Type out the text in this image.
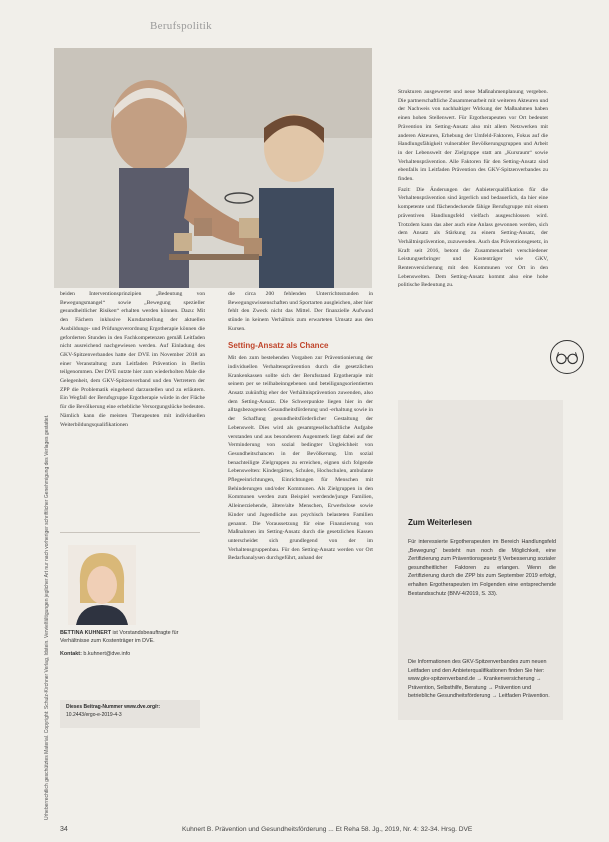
Berufspolitik
Urheberrechtlich geschütztes Material. Copyright: Schulz-Kirchner Verlag, Idstein. Vervielfältigungen jeglicher Art nur nach vorheriger schriftlicher Genehmigung des Verlages gestattet.

beiden Interventionsprinzipien „Bedeutung von Bewegungsmangel“ sowie „Bewegung spezieller gesundheitlicher Risiken“ erhalten werden können. Dazu: Mit den Fächern inklusive Kursdarstellung der aktuellen Ausbildungs- und Prüfungsverordnung Ergotherapie können die geforderten Stunden in den Fachkompetenzen gemäß Leitfaden nicht ausreichend nachgewiesen werden. Auf Einladung des GKV-Spitzenverbandes hatte der DVE im November 2018 an einer Veranstaltung zum Leitfaden Prävention in Berlin teilgenommen. Der DVE nutzte hier zum wiederholten Male die Gelegenheit, dem GKV-Spitzenverband und den Vertretern der ZPP die Problematik eingehend darzustellen und zu erläutern. Ein Wegfall der Berufsgruppe Ergotherapie würde in der Fläche für die Bevölkerung eine erhebliche Versorgungslücke bedeuten. Nämlich kann die meisten Therapeuten mit individuellen Weiterbildungsqualifikationen

die circa 200 fehlenden Unterrichtsstunden in Bewegungswissenschaften und Sportarten ausgleichen, aber hier fehlt den Zweck nicht das Mittel. Der finanzielle Aufwand stünde in keinem Verhältnis zum erwarteten Umsatz aus den Kursen.

Setting-Ansatz als Chance

Mit den zum bestehenden Vorgaben zur Präventionierung der individuellen Verhaltensprävention durch die gesetzlichen Krankenkassen sollte sich der Berufsstand Ergotherapie mit seinem per se teilhabeinngebenen und beteiligungsorientierten Ansatz zukünftig eher der Verhältnisprävention zuwenden, also dem Setting-Ansatz. Die Schwerpunkte liegen hier in der alltagsbezogenen Gesundheitsförderung und -erhaltung sowie in der Schaffung gesundheitsförderlicher Gestaltung der Lebenswelt. Dies wird als gesamtgesellschaftliche Aufgabe verstanden und aus besonderem Augenmerk liegt dabei auf der Verminderung von sozial bedingter Ungleichheit von Gesundheitschancen in der Bevölkerung. Um sozial benachteiligte Zielgruppen zu erreichen, eignen sich folgende Lebenswelten: Kindergärten, Schulen, Hochschulen, ambulante Pflegeeinrichtungen, Einrichtungen für Menschen mit Behinderungen und/oder Kommunen. Als Zielgruppen in den Kommunen werden zum Beispiel werdende/junge Familien, Alleinerziehende, ältere/alte Menschen, Erwerbslose sowie Kinder und Jugendliche aus psychisch belasteten Familien genannt. Die Voraussetzung für eine Finanzierung von Maßnahmen im Setting-Ansatz durch die gesetzlichen Kassen unterscheidet sich grundlegend von der im Verhaltensgruppenbau. Für den Setting-Ansatz werden vor Ort Bedarfsanalysen durchgeführt, anhand der

Strukturen ausgewertet und neue Maßnahmenplanung vergeben. Die partnerschaftliche Zusammenarbeit mit weiteren Akteuren und der Nachweis von nachhaltiger Wirkung der Maßnahmen haben einen hohen Stellenwert. Für Ergotherapeuten vor Ort bedeutet Prävention im Setting-Ansatz also mit allem Netzwerken mit anderen Akteuren, Erhebung der Umfeld-Faktoren, Fokus auf die Handlungsfähigkeit vulnerabler Bevölkerungsgruppen und Arbeit in der Lebenswelt der Zielgruppe statt am „Kursraum“ sowie Verhaltensprävention. Alle Faktoren für den Setting-Ansatz sind ebenfalls im Leitfaden Prävention des GKV-Spitzenverbandes zu finden.

Fazit: Die Änderungen der Anbieterqualifikation für die Verhaltensprävention sind ärgerlich und bedauerlich, da hier eine kompetente und flächendeckende fähige Berufsgruppe mit einem präventiven Handlungsfeld vielfach ausgeschlossen wird. Trotzdem kann das aber auch eine Anlass gewonnen werden, sich dem Ansatz als Stärkung zu einem Setting-Ansatz, der Verhältnisprävention, zuzuwenden. Auch das Präventionsgesetz, in Kraft seit 2016, betont die Zusammenarbeit verschiedener Leistungserbringer und Kostenträger wie GKV, Rentenversicherung mit den Kommunen vor Ort in den Lebenswelten. Dem Setting-Ansatz kommt also eine hohe politische Bedeutung zu.

BETTINA KUHNERT ist Vorstandsbeauftragte für Verhältnisse zum Kostenträger im DVE.
Kontakt: b.kuhnert@dve.info
Dieses Beitrag-Nummer www.dve.org/r:
10.2443/ergo-e-2019-4-3
Zum Weiterlesen
Für interessierte Ergotherapeuten im Bereich Handlungsfeld „Bewegung“ besteht nun noch die Möglichkeit, eine Zertifizierung zum Präventionsgesetz § Verbesserung sozialer gesundheitlicher Faktoren zu erlangen. Wenn die Zertifizierung durch die ZPP bis zum September 2019 erfolgt, erhalten Ergotherapeuten im Folgenden eine entsprechende Bestandsschutz (BNV-4/2019, S. 33).
Die Informationen des GKV-Spitzenverbandes zum neuen Leitfaden und den Anbieterqualifikationen finden Sie hier: www.gkv-spitzenverband.de → Krankenversicherung → Prävention, Selbsthilfe, Beratung → Prävention und betriebliche Gesundheitsförderung → Leitfaden Prävention.
34	Kuhnert B. Prävention und Gesundheitsförderung ... Et Reha 58. Jg., 2019, Nr. 4: 32-34. Hrsg. DVE
